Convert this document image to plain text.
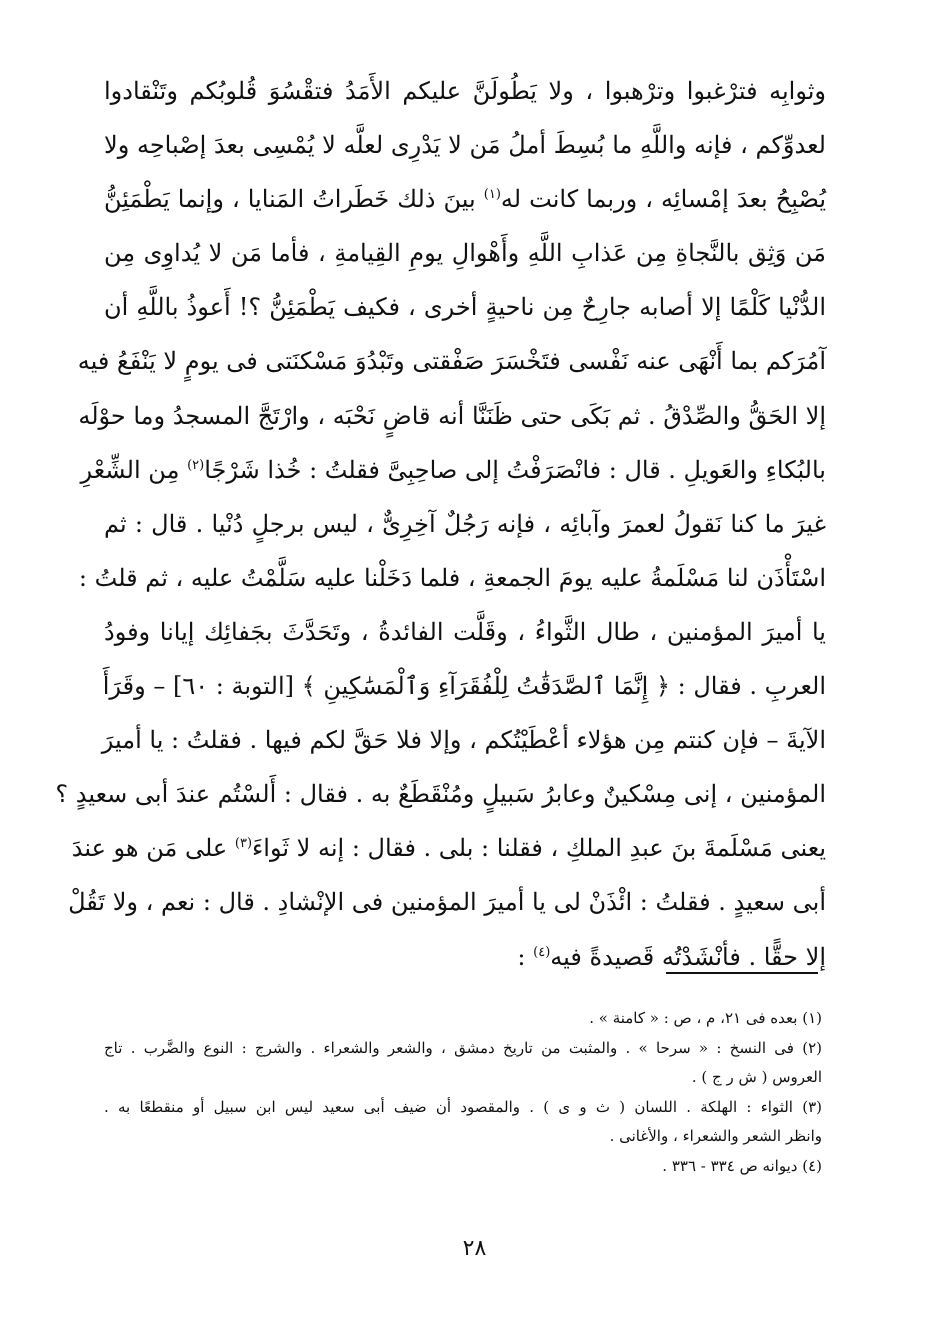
وثوابِه فترْغبوا وترْهبوا ، ولا يَطُولَنَّ عليكم الأَمَدُ فتقْسُوَ قُلوبُكم وتَنْقادوا
لعدوِّكم ، فإنه واللَّهِ ما بُسِطَ أملُ مَن لا يَدْرِى لعلَّه لا يُمْسِى بعدَ إصْباحِه ولا
يُصْبِحُ بعدَ إمْسائِه ، وربما كانت له$^{(١)}$ بينَ ذلك خَطَراتُ المَنايا ، وإنما يَطْمَئِنُّ
مَن وَثِق بالنَّجاةِ مِن عَذابِ اللَّهِ وأَهْوالِ يومِ القِيامةِ ، فأما مَن لا يُداوِى مِن
الدُّنْيا كَلْمًا إلا أصابه جارِحٌ مِن ناحيةٍ أخرى ، فكيف يَطْمَئِنُّ ؟! أَعوذُ باللَّهِ أن
آمُرَكم بما أَنْهَى عنه نَفْسى فتَخْسَرَ صَفْقتى وتَبْدُوَ مَسْكنَتى فى يومٍ لا يَنْفَعُ فيه
إلا الحَقُّ والصِّدْقُ . ثم بَكَى حتى ظَنَنَّا أنه قاضٍ نَحْبَه ، وارْتَجَّ المسجدُ وما حوْلَه
بالبُكاءِ والعَويلِ . قال : فانْصَرَفْتُ إلى صاحِبِىَّ فقلتُ : خُذا شَرْجًا$^{(٢)}$ مِن الشِّعْرِ
غيرَ ما كنا نَقولُ لعمرَ وآبائِه ، فإنه رَجُلٌ آخِرِىٌّ ، ليس برجلٍ دُنْيا . قال : ثم
اسْتَأْذَن لنا مَسْلَمةُ عليه يومَ الجمعةِ ، فلما دَخَلْنا عليه سَلَّمْتُ عليه ، ثم قلتُ :
يا أميرَ المؤمنين ، طال الثَّواءُ ، وقَلَّت الفائدةُ ، وتَحَدَّثَ بجَفائِك إيانا وفودُ
العربِ . فقال : ﴿ إِنَّمَا ٱلصَّدَقَٰتُ لِلْفُقَرَآءِ وَٱلْمَسَٰكِينِ ﴾ [التوبة : ٦٠] – وقَرَأَ
الآيةَ – فإن كنتم مِن هؤلاء أعْطَيْتُكم ، وإلا فلا حَقَّ لكم فيها . فقلتُ : يا أميرَ
المؤمنين ، إنى مِسْكينٌ وعابرُ سَبيلٍ ومُنْقَطَعٌ به . فقال : أَلسْتُم عندَ أبى سعيدٍ ؟
يعنى مَسْلَمةَ بنَ عبدِ الملكِ ، فقلنا : بلى . فقال : إنه لا ثَواءَ$^{(٣)}$ على مَن هو عندَ
أبى سعيدٍ . فقلتُ : ائْذَنْ لى يا أميرَ المؤمنين فى الإنْشادِ . قال : نعم ، ولا تَقُلْ
إلا حقًّا . فأنْشَدْتُه قَصيدةً فيه$^{(٤)}$ :
(١) بعده فى ٢١، م ، ص : « كامنة » .
(٢) فى النسخ : « سرحا » . والمثبت من تاريخ دمشق ، والشعر والشعراء . والشرج : النوع والضَّرب . تاج
العروس ( ش ر ج ) .
(٣) الثواء : الهلكة . اللسان ( ث و ى ) . والمقصود أن ضيف أبى سعيد ليس ابن سبيل أو منقطعًا به .
وانظر الشعر والشعراء ، والأغانى .
(٤) ديوانه ص ٣٣٤ - ٣٣٦ .
٢٨
